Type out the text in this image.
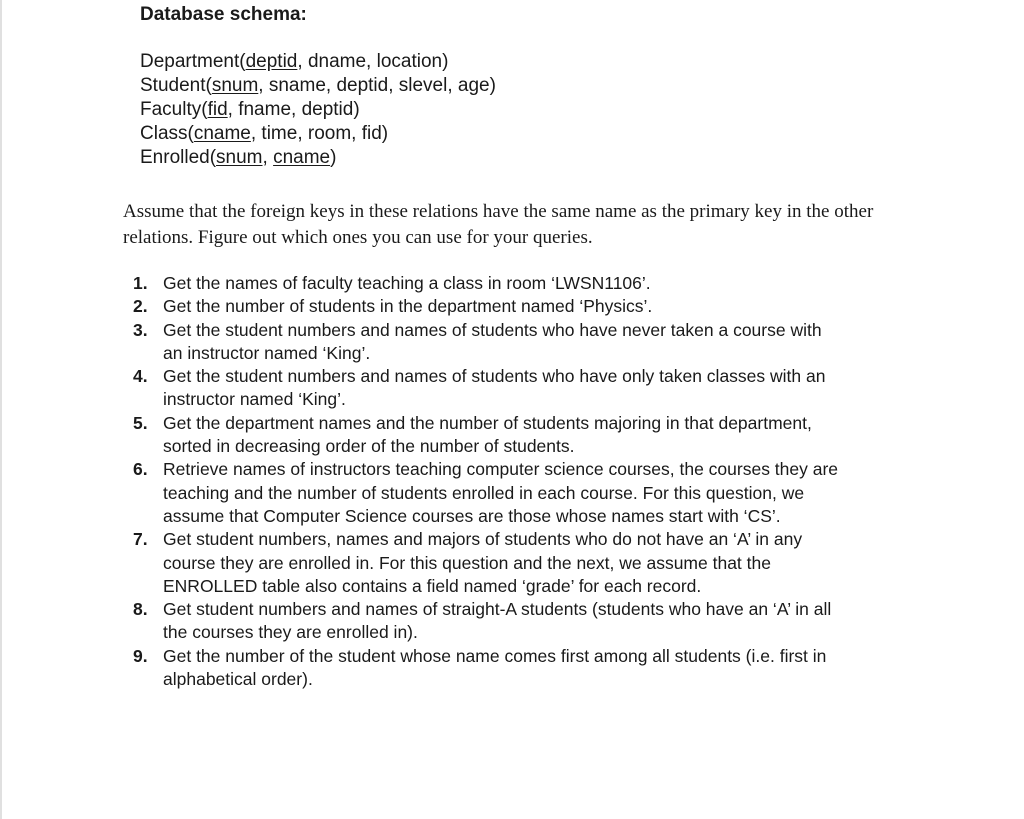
Database schema:
Department(deptid, dname, location)
Student(snum, sname, deptid, slevel, age)
Faculty(fid, fname, deptid)
Class(cname, time, room, fid)
Enrolled(snum, cname)

Assume that the foreign keys in these relations have the same name as the primary key in the other relations. Figure out which ones you can use for your queries.

1. Get the names of faculty teaching a class in room ‘LWSN1106’.
2. Get the number of students in the department named ‘Physics’.
3. Get the student numbers and names of students who have never taken a course with an instructor named ‘King’.
4. Get the student numbers and names of students who have only taken classes with an instructor named ‘King’.
5. Get the department names and the number of students majoring in that department, sorted in decreasing order of the number of students.
6. Retrieve names of instructors teaching computer science courses, the courses they are teaching and the number of students enrolled in each course. For this question, we assume that Computer Science courses are those whose names start with ‘CS’.
7. Get student numbers, names and majors of students who do not have an ‘A’ in any course they are enrolled in. For this question and the next, we assume that the ENROLLED table also contains a field named ‘grade’ for each record.
8. Get student numbers and names of straight-A students (students who have an ‘A’ in all the courses they are enrolled in).
9. Get the number of the student whose name comes first among all students (i.e. first in alphabetical order).
